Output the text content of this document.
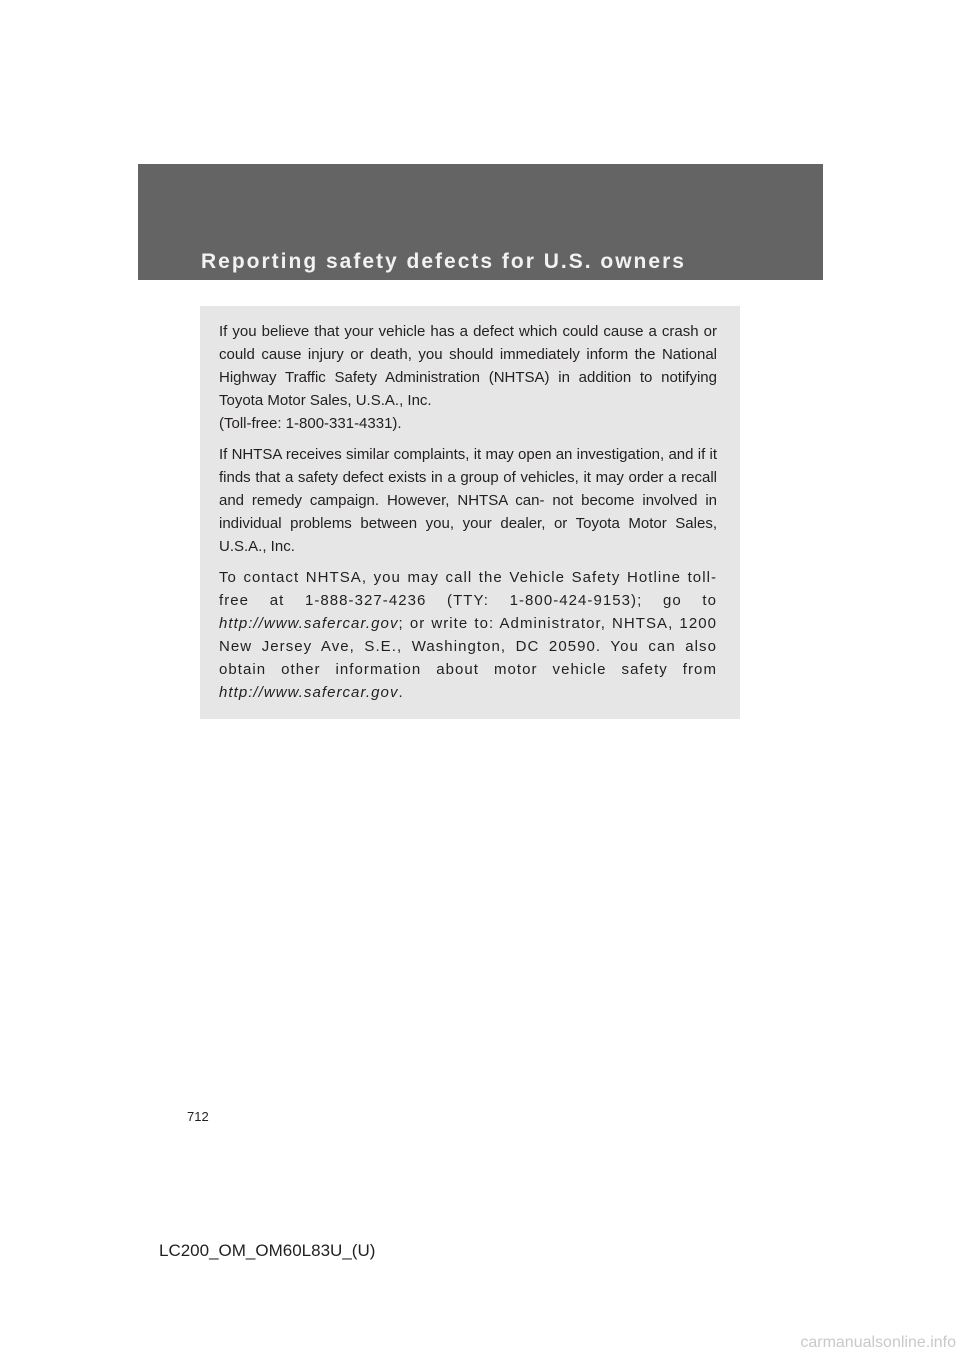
Reporting safety defects for U.S. owners

If you believe that your vehicle has a defect which could cause a crash or could cause injury or death, you should immediately inform the National Highway Traffic Safety Administration (NHTSA) in addition to notifying Toyota Motor Sales, U.S.A., Inc.
(Toll-free: 1-800-331-4331).

If NHTSA receives similar complaints, it may open an investigation, and if it finds that a safety defect exists in a group of vehicles, it may order a recall and remedy campaign. However, NHTSA can- not become involved in individual problems between you, your dealer, or Toyota Motor Sales, U.S.A., Inc.

To contact NHTSA, you may call the Vehicle Safety Hotline toll-free at 1-888-327-4236 (TTY: 1-800-424-9153); go to http://www.safercar.gov; or write to: Administrator, NHTSA, 1200 New Jersey Ave, S.E., Washington, DC 20590. You can also obtain other information about motor vehicle safety from http://www.safercar.gov.

712
LC200_OM_OM60L83U_(U)
carmanualsonline.info
